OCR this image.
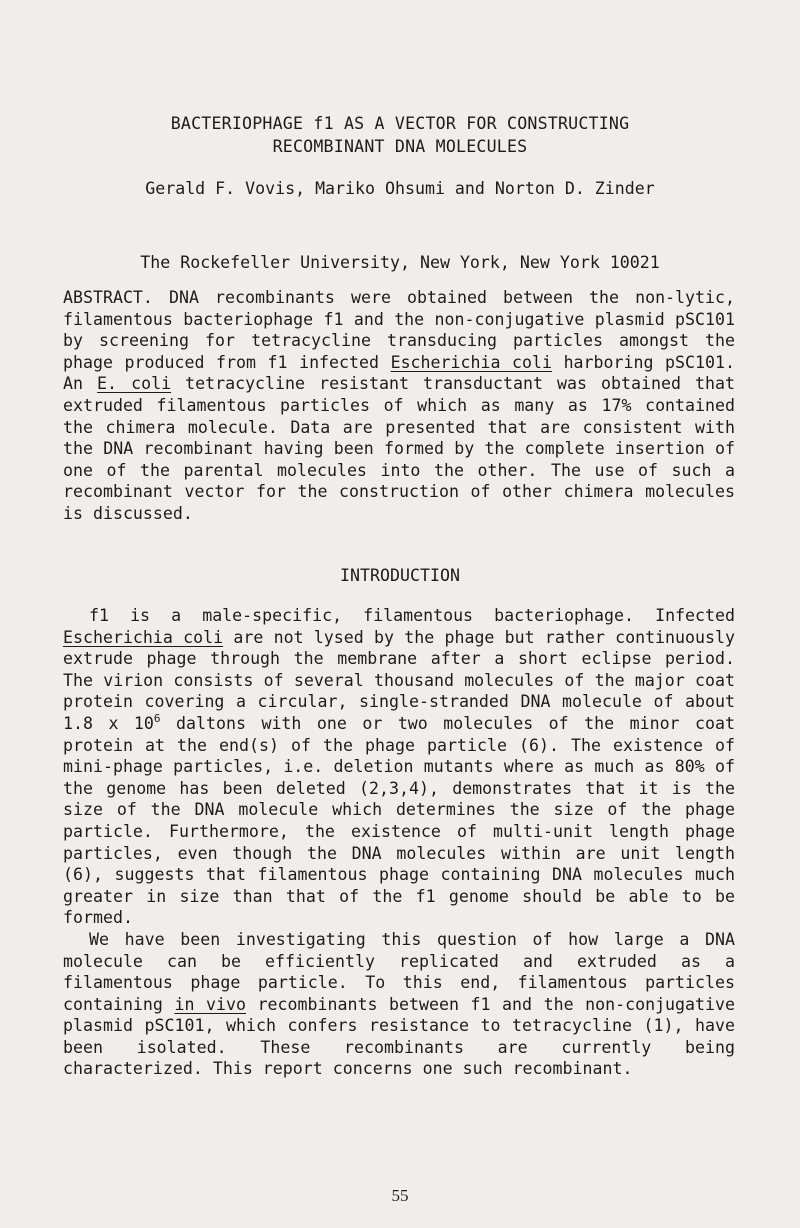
BACTERIOPHAGE f1 AS A VECTOR FOR CONSTRUCTING
RECOMBINANT DNA MOLECULES
Gerald F. Vovis, Mariko Ohsumi and Norton D. Zinder
The Rockefeller University, New York, New York 10021

ABSTRACT. DNA recombinants were obtained between the non-lytic, filamentous bacteriophage f1 and the non-conjugative plasmid pSC101 by screening for tetracycline transducing particles amongst the phage produced from f1 infected Escherichia coli harboring pSC101. An E. coli tetracycline resistant transductant was obtained that extruded filamentous particles of which as many as 17% contained the chimera molecule. Data are presented that are consistent with the DNA recombinant having been formed by the complete insertion of one of the parental molecules into the other. The use of such a recombinant vector for the construction of other chimera molecules is discussed.

INTRODUCTION

f1 is a male-specific, filamentous bacteriophage. Infected Escherichia coli are not lysed by the phage but rather continuously extrude phage through the membrane after a short eclipse period. The virion consists of several thousand molecules of the major coat protein covering a circular, single-stranded DNA molecule of about 1.8 x $10^6$ daltons with one or two molecules of the minor coat protein at the end(s) of the phage particle (6). The existence of mini-phage particles, i.e. deletion mutants where as much as 80% of the genome has been deleted (2,3,4), demonstrates that it is the size of the DNA molecule which determines the size of the phage particle. Furthermore, the existence of multi-unit length phage particles, even though the DNA molecules within are unit length (6), suggests that filamentous phage containing DNA molecules much greater in size than that of the f1 genome should be able to be formed.

We have been investigating this question of how large a DNA molecule can be efficiently replicated and extruded as a filamentous phage particle. To this end, filamentous particles containing in vivo recombinants between f1 and the non-conjugative plasmid pSC101, which confers resistance to tetracycline (1), have been isolated. These recombinants are currently being characterized. This report concerns one such recombinant.

55
